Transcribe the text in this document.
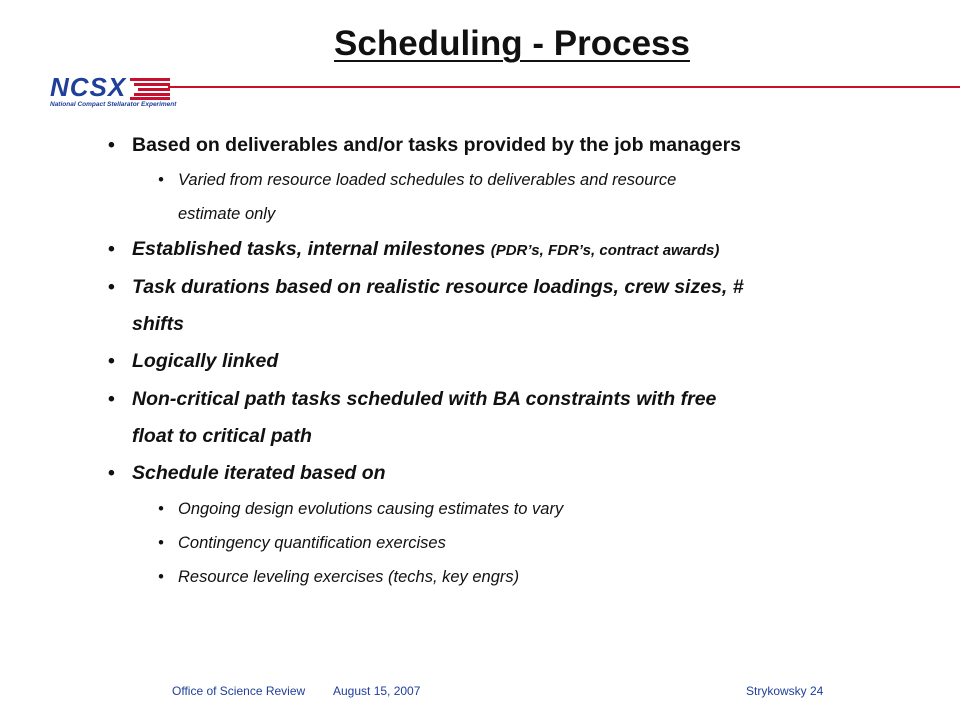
Scheduling - Process
NCSX
National Compact Stellarator Experiment
• Based on deliverables and/or tasks provided by the job managers
• Varied from resource loaded schedules to deliverables and resource
estimate only
• Established tasks, internal milestones (PDR’s, FDR’s, contract awards)
• Task durations based on realistic resource loadings, crew sizes, #
shifts
• Logically linked
• Non-critical path tasks scheduled with BA constraints with free
float to critical path
• Schedule iterated based on
• Ongoing design evolutions causing estimates to vary
• Contingency quantification exercises
• Resource leveling exercises (techs, key engrs)
Office of Science Review August 15, 2007	Strykowsky 24
